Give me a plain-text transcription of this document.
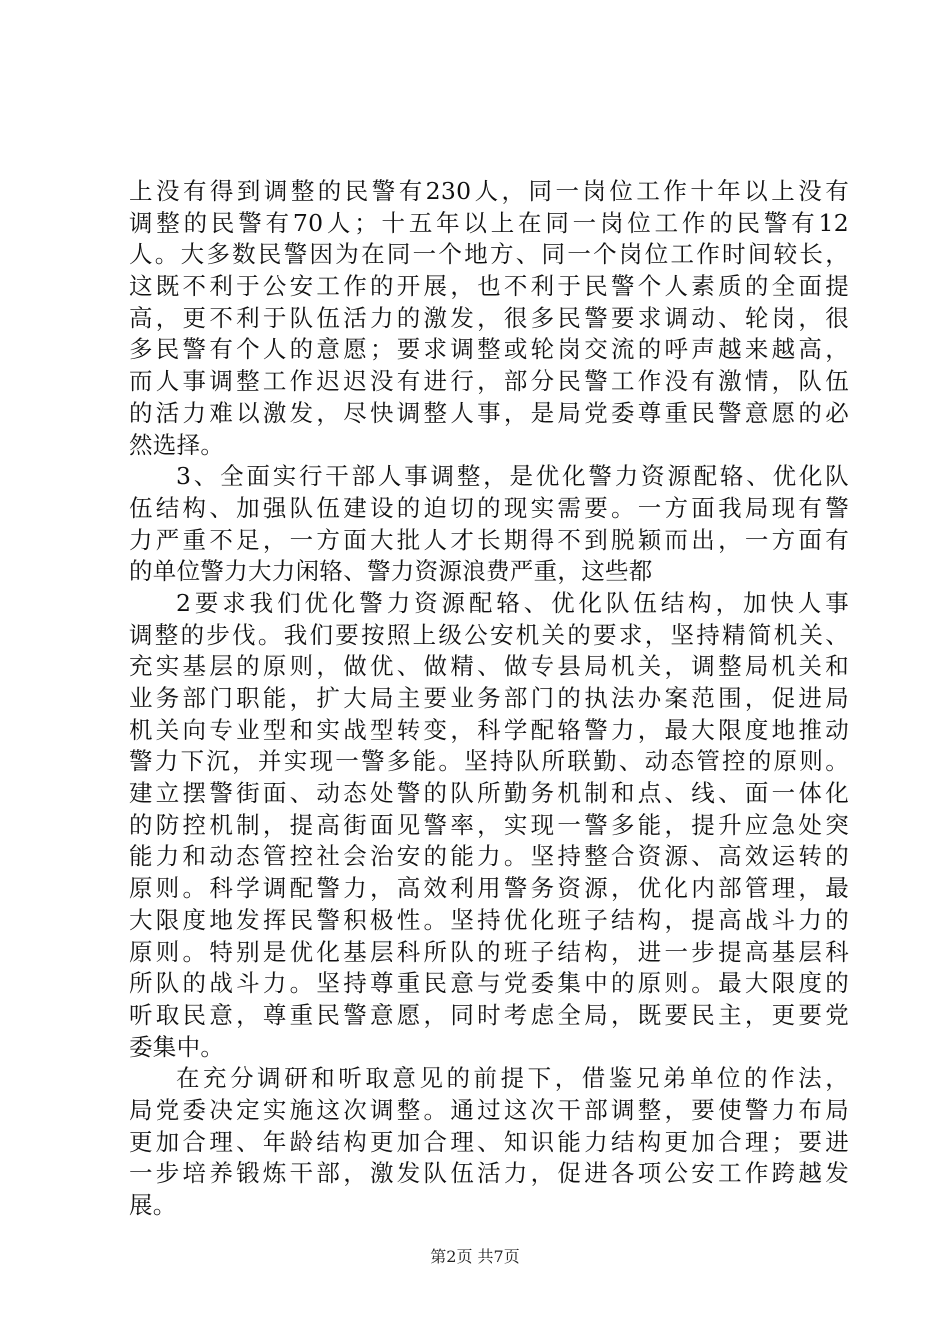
上没有得到调整的民警有230人，同一岗位工作十年以上没有
调整的民警有70人；十五年以上在同一岗位工作的民警有12
人。大多数民警因为在同一个地方、同一个岗位工作时间较长，
这既不利于公安工作的开展，也不利于民警个人素质的全面提
高，更不利于队伍活力的激发，很多民警要求调动、轮岗，很
多民警有个人的意愿；要求调整或轮岗交流的呼声越来越高，
而人事调整工作迟迟没有进行，部分民警工作没有激情，队伍
的活力难以激发，尽快调整人事，是局党委尊重民警意愿的必
然选择。
3、全面实行干部人事调整，是优化警力资源配辂、优化队
伍结构、加强队伍建设的迫切的现实需要。一方面我局现有警
力严重不足，一方面大批人才长期得不到脱颖而出，一方面有
的单位警力大力闲辂、警力资源浪费严重，这些都
2要求我们优化警力资源配辂、优化队伍结构，加快人事
调整的步伐。我们要按照上级公安机关的要求，坚持精简机关、
充实基层的原则，做优、做精、做专县局机关，调整局机关和
业务部门职能，扩大局主要业务部门的执法办案范围，促进局
机关向专业型和实战型转变，科学配辂警力，最大限度地推动
警力下沉，并实现一警多能。坚持队所联勤、动态管控的原则。
建立摆警街面、动态处警的队所勤务机制和点、线、面一体化
的防控机制，提高街面见警率，实现一警多能，提升应急处突
能力和动态管控社会治安的能力。坚持整合资源、高效运转的
原则。科学调配警力，高效利用警务资源，优化内部管理，最
大限度地发挥民警积极性。坚持优化班子结构，提高战斗力的
原则。特别是优化基层科所队的班子结构，进一步提高基层科
所队的战斗力。坚持尊重民意与党委集中的原则。最大限度的
听取民意，尊重民警意愿，同时考虑全局，既要民主，更要党
委集中。
在充分调研和听取意见的前提下，借鉴兄弟单位的作法，
局党委决定实施这次调整。通过这次干部调整，要使警力布局
更加合理、年龄结构更加合理、知识能力结构更加合理；要进
一步培养锻炼干部，激发队伍活力，促进各项公安工作跨越发
展。
第2页 共7页
